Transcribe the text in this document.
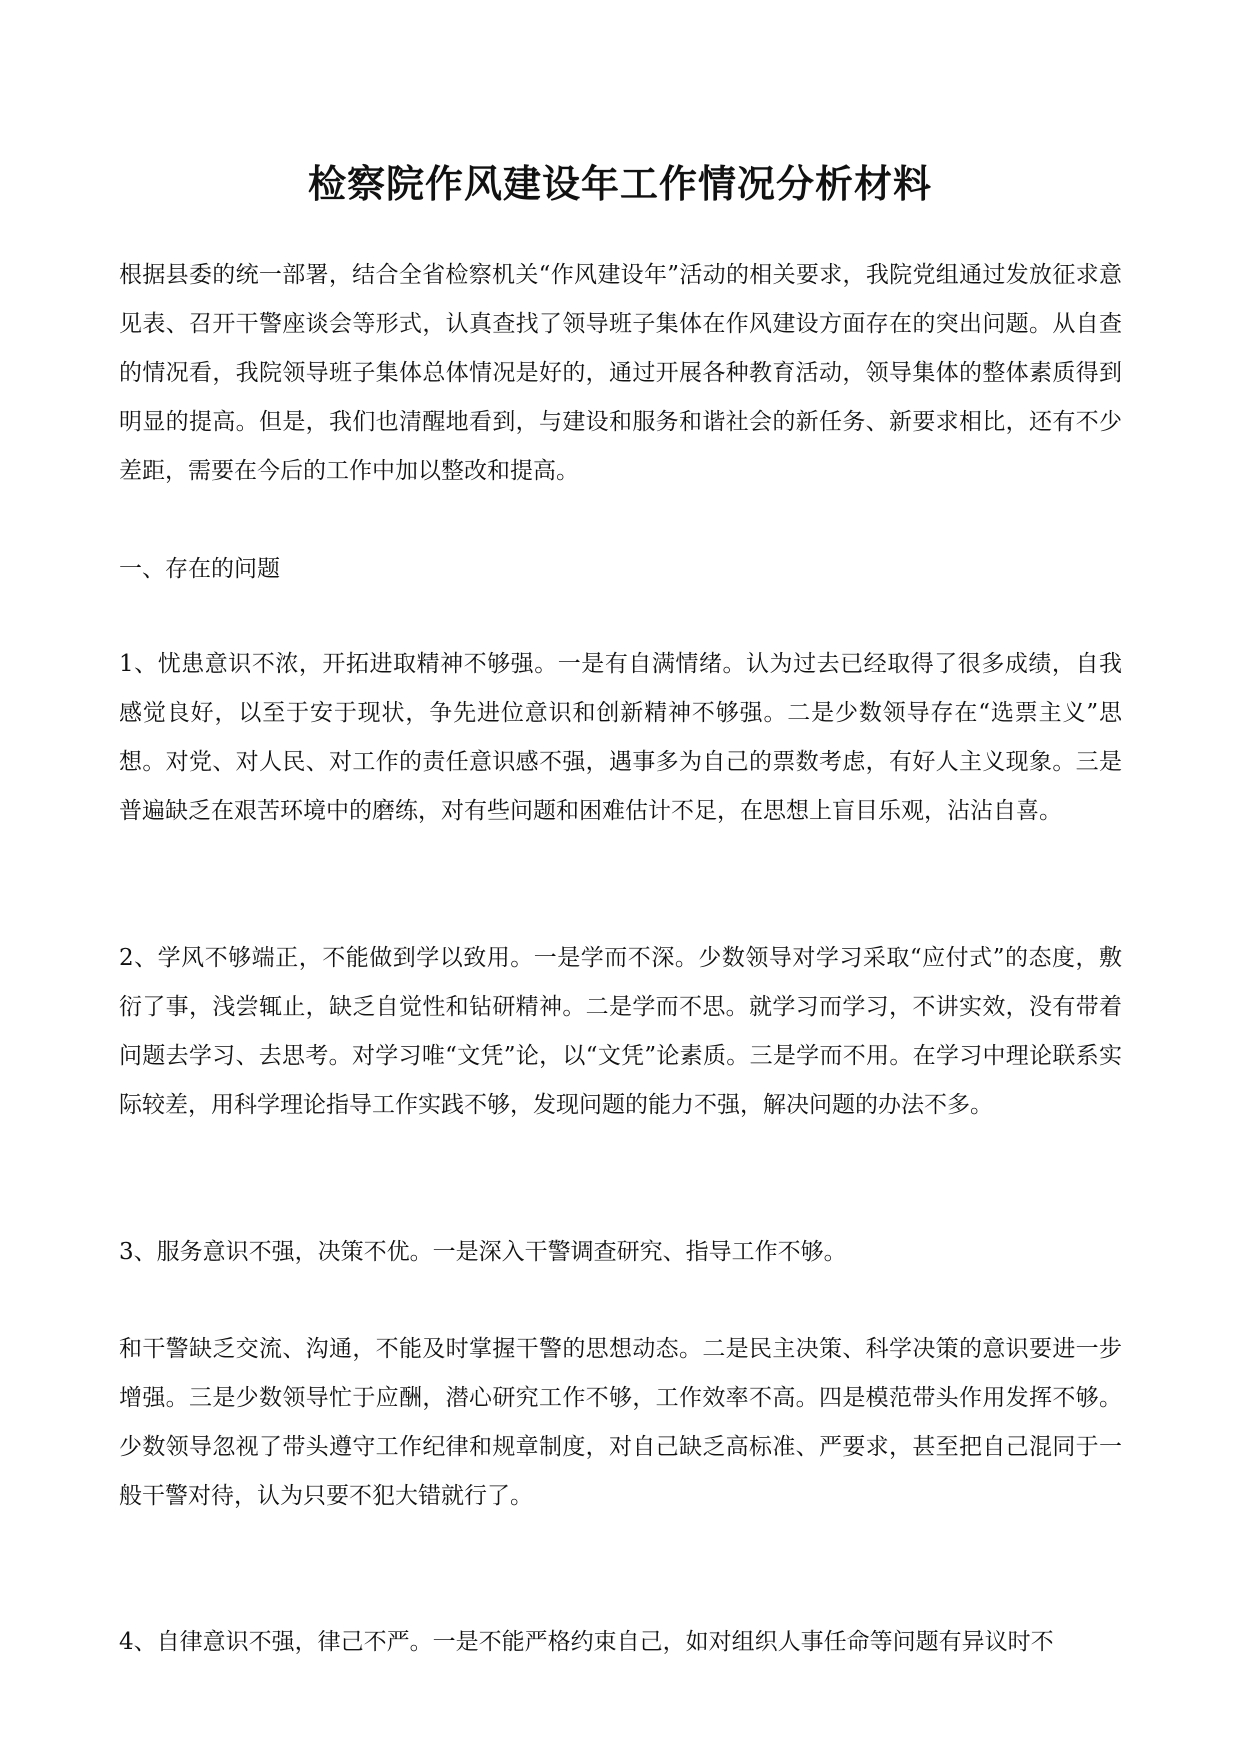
检察院作风建设年工作情况分析材料

根据县委的统一部署，结合全省检察机关“作风建设年”活动的相关要求，我院党组通过发放征求意见表、召开干警座谈会等形式，认真查找了领导班子集体在作风建设方面存在的突出问题。从自查的情况看，我院领导班子集体总体情况是好的，通过开展各种教育活动，领导集体的整体素质得到明显的提高。但是，我们也清醒地看到，与建设和服务和谐社会的新任务、新要求相比，还有不少差距，需要在今后的工作中加以整改和提高。

一、存在的问题

1、忧患意识不浓，开拓进取精神不够强。一是有自满情绪。认为过去已经取得了很多成绩，自我感觉良好，以至于安于现状，争先进位意识和创新精神不够强。二是少数领导存在“选票主义”思想。对党、对人民、对工作的责任意识感不强，遇事多为自己的票数考虑，有好人主义现象。三是普遍缺乏在艰苦环境中的磨练，对有些问题和困难估计不足，在思想上盲目乐观，沾沾自喜。

2、学风不够端正，不能做到学以致用。一是学而不深。少数领导对学习采取“应付式”的态度，敷衍了事，浅尝辄止，缺乏自觉性和钻研精神。二是学而不思。就学习而学习，不讲实效，没有带着问题去学习、去思考。对学习唯“文凭”论，以“文凭”论素质。三是学而不用。在学习中理论联系实际较差，用科学理论指导工作实践不够，发现问题的能力不强，解决问题的办法不多。

3、服务意识不强，决策不优。一是深入干警调查研究、指导工作不够。

和干警缺乏交流、沟通，不能及时掌握干警的思想动态。二是民主决策、科学决策的意识要进一步增强。三是少数领导忙于应酬，潜心研究工作不够，工作效率不高。四是模范带头作用发挥不够。少数领导忽视了带头遵守工作纪律和规章制度，对自己缺乏高标准、严要求，甚至把自己混同于一般干警对待，认为只要不犯大错就行了。

4、自律意识不强，律己不严。一是不能严格约束自己，如对组织人事任命等问题有异议时不
